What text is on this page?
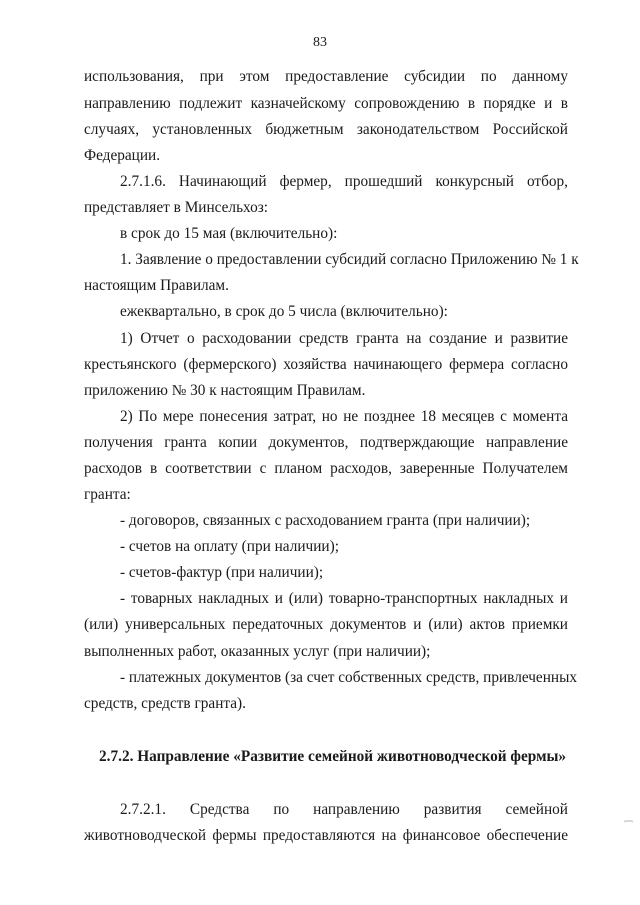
83
использования, при этом предоставление субсидии по данному
направлению подлежит казначейскому сопровождению в порядке и в
случаях, установленных бюджетным законодательством Российской
Федерации.
2.7.1.6. Начинающий фермер, прошедший конкурсный отбор,
представляет в Минсельхоз:
в срок до 15 мая (включительно):
1. Заявление о предоставлении субсидий согласно Приложению № 1 к
настоящим Правилам.
ежеквартально, в срок до 5 числа (включительно):
1) Отчет о расходовании средств гранта на создание и развитие
крестьянского (фермерского) хозяйства начинающего фермера согласно
приложению № 30 к настоящим Правилам.
2) По мере понесения затрат, но не позднее 18 месяцев с момента
получения гранта копии документов, подтверждающие направление
расходов в соответствии с планом расходов, заверенные Получателем
гранта:
- договоров, связанных с расходованием гранта (при наличии);
- счетов на оплату (при наличии);
- счетов-фактур (при наличии);
- товарных накладных и (или) товарно-транспортных накладных и
(или) универсальных передаточных документов и (или) актов приемки
выполненных работ, оказанных услуг (при наличии);
- платежных документов (за счет собственных средств, привлеченных
средств, средств гранта).
2.7.2. Направление «Развитие семейной животноводческой фермы»
2.7.2.1. Средства по направлению развития семейной
животноводческой фермы предоставляются на финансовое обеспечение
[
